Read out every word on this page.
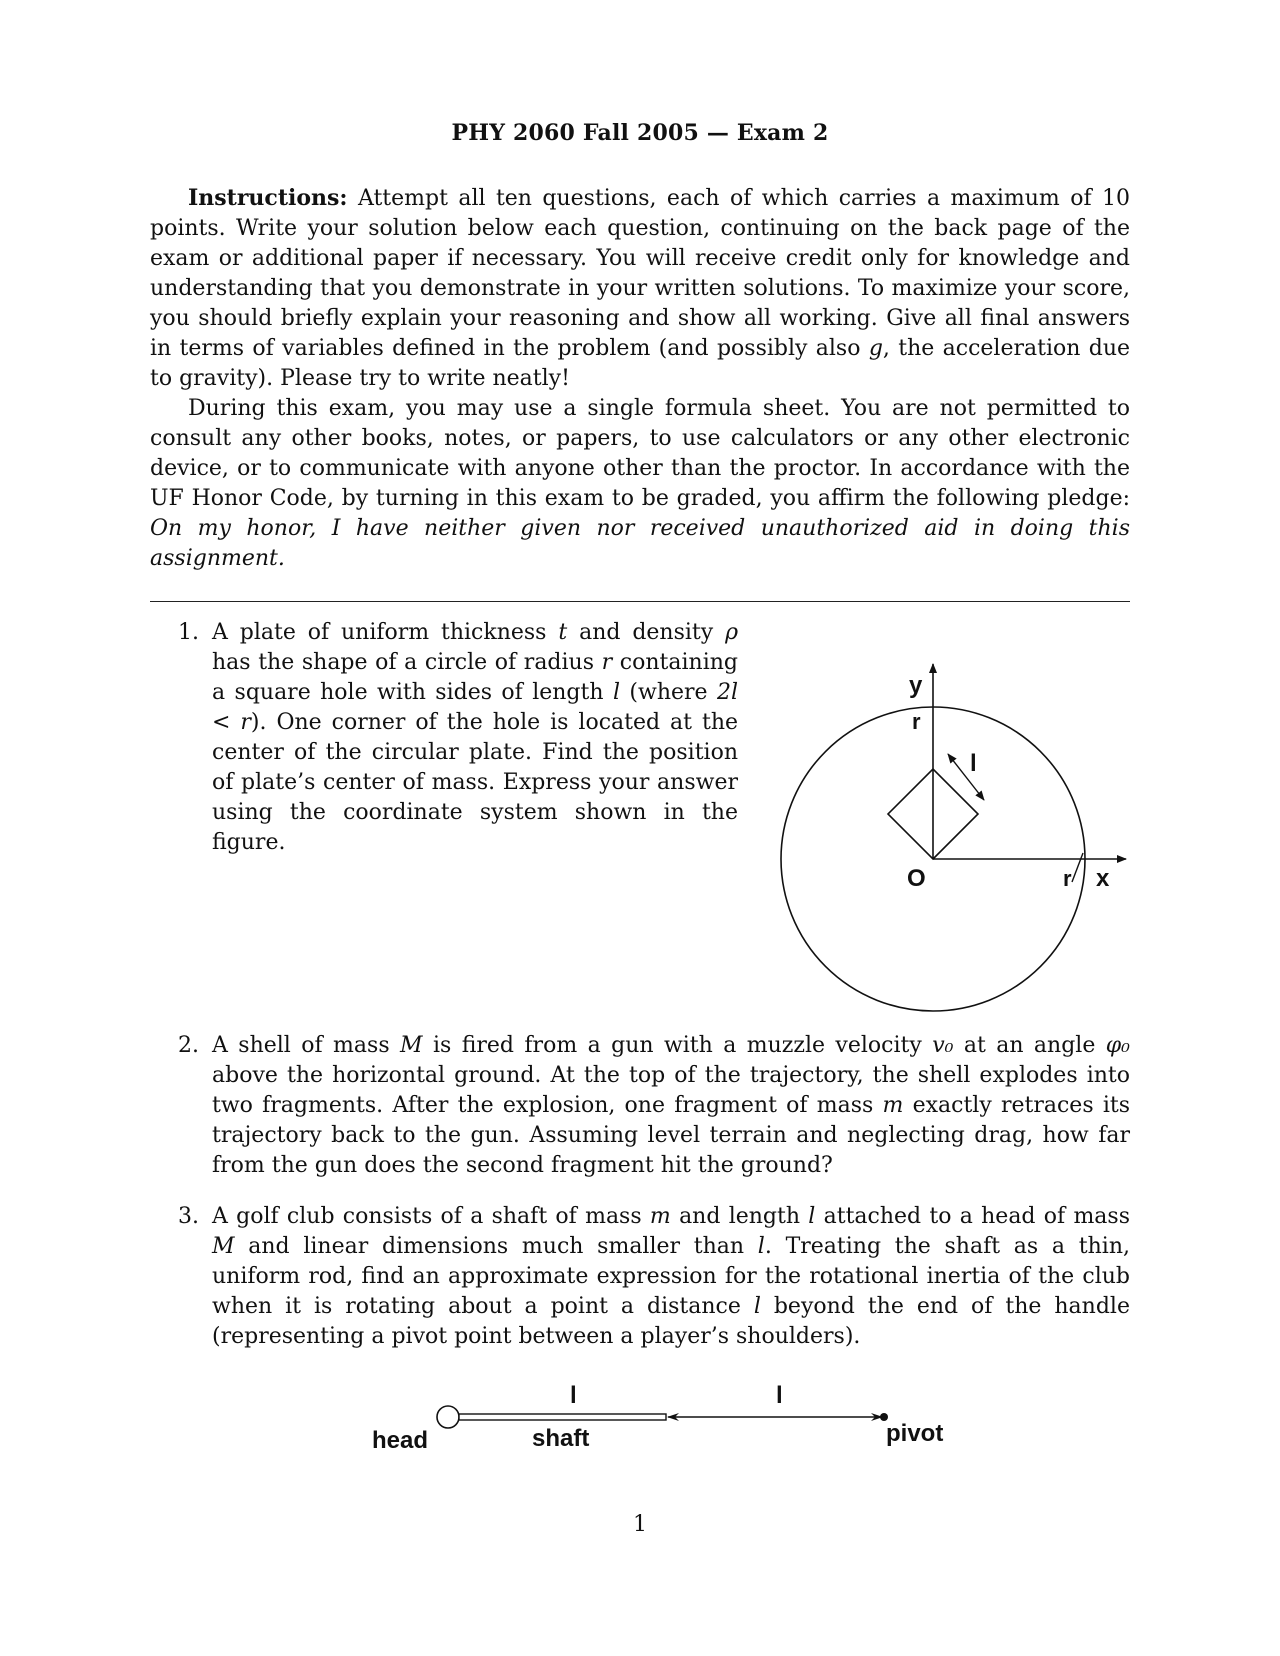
PHY 2060 Fall 2005 — Exam 2

Instructions: Attempt all ten questions, each of which carries a maximum of 10 points. Write your solution below each question, continuing on the back page of the exam or additional paper if necessary. You will receive credit only for knowledge and understanding that you demonstrate in your written solutions. To maximize your score, you should briefly explain your reasoning and show all working. Give all final answers in terms of variables defined in the problem (and possibly also g, the acceleration due to gravity). Please try to write neatly!

During this exam, you may use a single formula sheet. You are not permitted to consult any other books, notes, or papers, to use calculators or any other electronic device, or to communicate with anyone other than the proctor. In accordance with the UF Honor Code, by turning in this exam to be graded, you affirm the following pledge: On my honor, I have neither given nor received unauthorized aid in doing this assignment.

1. A plate of uniform thickness t and density ρ has the shape of a circle of radius r containing a square hole with sides of length l (where 2l < r). One corner of the hole is located at the center of the circular plate. Find the position of plate’s center of mass. Express your answer using the coordinate system shown in the figure.

y
r
l
O	r x
2. A shell of mass M is fired from a gun with a muzzle velocity v₀ at an angle φ₀ above the horizontal ground. At the top of the trajectory, the shell explodes into two fragments. After the explosion, one fragment of mass m exactly retraces its trajectory back to the gun. Assuming level terrain and neglecting drag, how far from the gun does the second fragment hit the ground?

3. A golf club consists of a shaft of mass m and length l attached to a head of mass M and linear dimensions much smaller than l. Treating the shaft as a thin, uniform rod, find an approximate expression for the rotational inertia of the club when it is rotating about a point a distance l beyond the end of the handle (representing a pivot point between a player’s shoulders).

l	l
head	shaft	pivot
1
